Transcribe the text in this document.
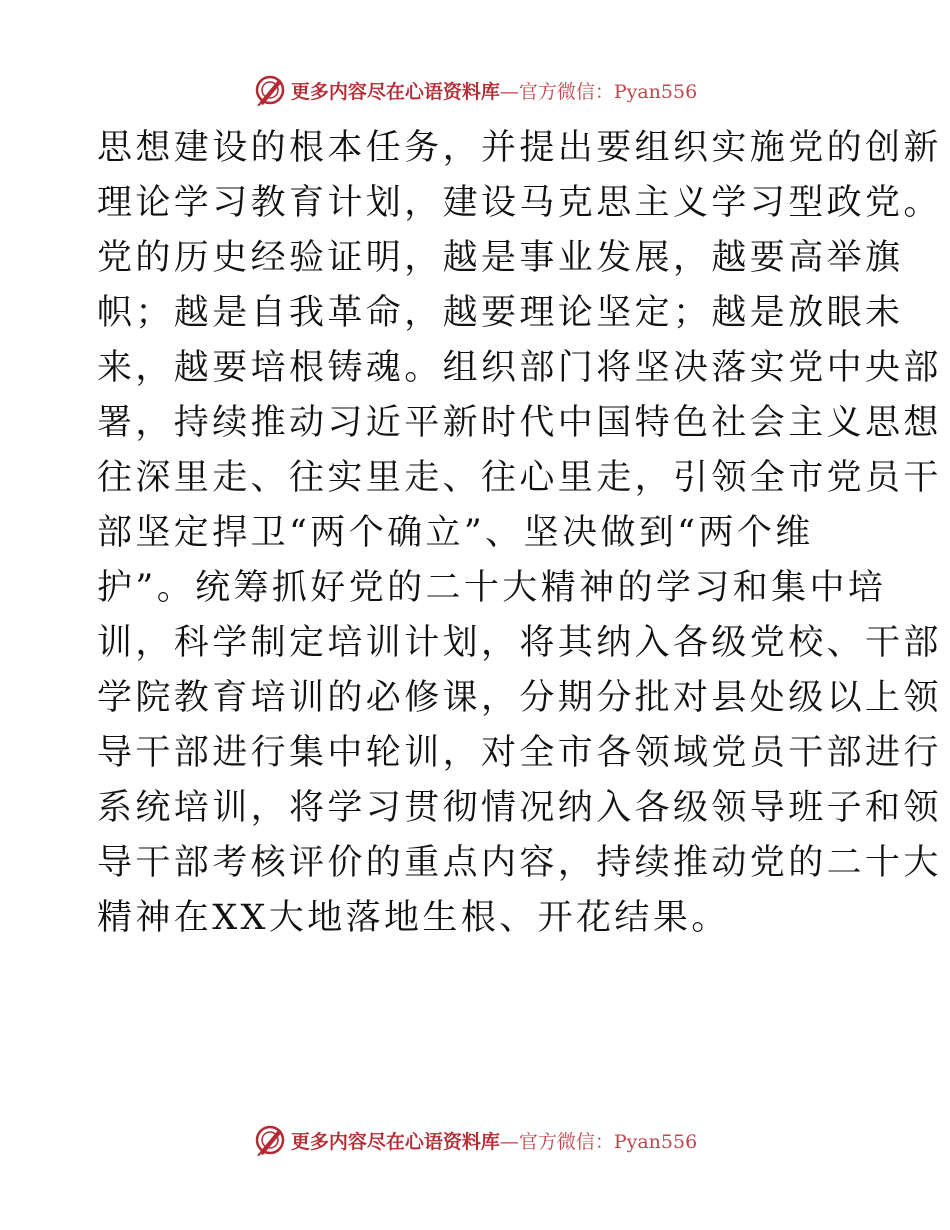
更多内容尽在心语资料库—官方微信：Pyan556
思想建设的根本任务，并提出要组织实施党的创新
理论学习教育计划，建设马克思主义学习型政党。
党的历史经验证明，越是事业发展，越要高举旗
帜；越是自我革命，越要理论坚定；越是放眼未
来，越要培根铸魂。组织部门将坚决落实党中央部
署，持续推动习近平新时代中国特色社会主义思想
往深里走、往实里走、往心里走，引领全市党员干
部坚定捍卫“两个确立”、坚决做到“两个维
护”。统筹抓好党的二十大精神的学习和集中培
训，科学制定培训计划，将其纳入各级党校、干部
学院教育培训的必修课，分期分批对县处级以上领
导干部进行集中轮训，对全市各领域党员干部进行
系统培训，将学习贯彻情况纳入各级领导班子和领
导干部考核评价的重点内容，持续推动党的二十大
精神在XX大地落地生根、开花结果。
更多内容尽在心语资料库—官方微信：Pyan556
